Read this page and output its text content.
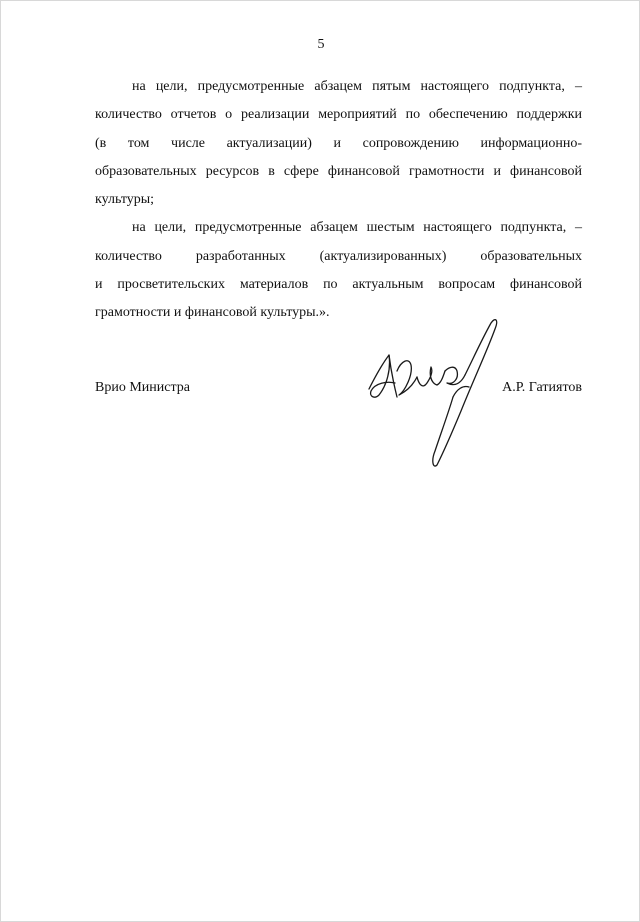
5
на цели, предусмотренные абзацем пятым настоящего подпункта, –
количество отчетов о реализации мероприятий по обеспечению поддержки
(в том числе актуализации) и сопровождению информационно-
образовательных ресурсов в сфере финансовой грамотности и финансовой
культуры;
на цели, предусмотренные абзацем шестым настоящего подпункта, –
количество разработанных (актуализированных) образовательных
и просветительских материалов по актуальным вопросам финансовой
грамотности и финансовой культуры.».
Врио Министра	А.Р. Гатиятов
